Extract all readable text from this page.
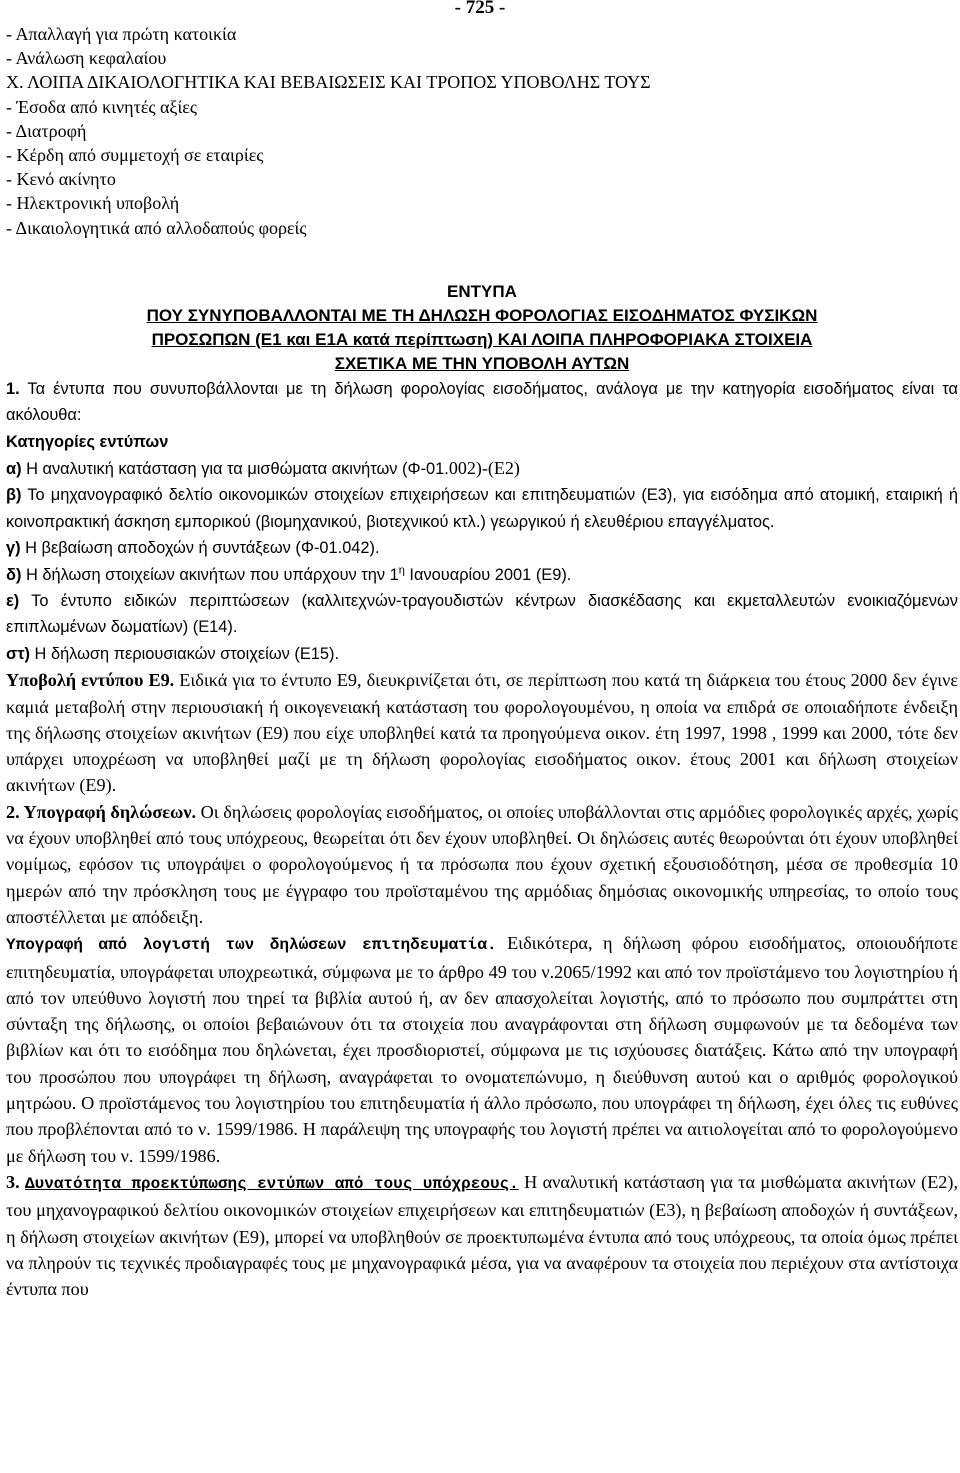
- 725 -
- Απαλλαγή για πρώτη κατοικία
- Ανάλωση κεφαλαίου
Χ. ΛΟΙΠΑ ΔΙΚΑΙΟΛΟΓΗΤΙΚΑ ΚΑΙ ΒΕΒΑΙΩΣΕΙΣ ΚΑΙ ΤΡΟΠΟΣ ΥΠΟΒΟΛΗΣ ΤΟΥΣ
- Έσοδα από κινητές αξίες
- Διατροφή
- Κέρδη από συμμετοχή σε εταιρίες
- Κενό ακίνητο
- Ηλεκτρονική υποβολή
- Δικαιολογητικά από αλλοδαπούς φορείς
ΕΝΤΥΠΑ
ΠΟΥ ΣΥΝΥΠΟΒΑΛΛΟΝΤΑΙ ΜΕ ΤΗ ΔΗΛΩΣΗ ΦΟΡΟΛΟΓΙΑΣ ΕΙΣΟΔΗΜΑΤΟΣ ΦΥΣΙΚΩΝ
ΠΡΟΣΩΠΩΝ (Ε1 και Ε1Α κατά περίπτωση) ΚΑΙ ΛΟΙΠΑ ΠΛΗΡΟΦΟΡΙΑΚΑ ΣΤΟΙΧΕΙΑ
ΣΧΕΤΙΚΑ ΜΕ ΤΗΝ ΥΠΟΒΟΛΗ ΑΥΤΩΝ
1. Τα έντυπα που συνυποβάλλονται με τη δήλωση φορολογίας εισοδήματος, ανάλογα με την κατηγορία εισοδήματος είναι τα ακόλουθα:
Κατηγορίες εντύπων
α) Η αναλυτική κατάσταση για τα μισθώματα ακινήτων (Φ-01.002)-(Ε2)
β) Το μηχανογραφικό δελτίο οικονομικών στοιχείων επιχειρήσεων και επιτηδευματιών (Ε3), για εισόδημα από ατομική, εταιρική ή κοινοπρακτική άσκηση εμπορικού (βιομηχανικού, βιοτεχνικού κτλ.) γεωργικού ή ελευθέριου επαγγέλματος.
γ) Η βεβαίωση αποδοχών ή συντάξεων (Φ-01.042).
δ) Η δήλωση στοιχείων ακινήτων που υπάρχουν την $1^\eta$ Ιανουαρίου 2001 (Ε9).
ε) Το έντυπο ειδικών περιπτώσεων (καλλιτεχνών-τραγουδιστών κέντρων διασκέδασης και εκμεταλλευτών ενοικιαζόμενων επιπλωμένων δωματίων) (Ε14).
στ) Η δήλωση περιουσιακών στοιχείων (Ε15).
Υποβολή εντύπου Ε9. Ειδικά για το έντυπο Ε9, διευκρινίζεται ότι, σε περίπτωση που κατά τη διάρκεια του έτους 2000 δεν έγινε καμιά μεταβολή στην περιουσιακή ή οικογενειακή κατάσταση του φορολογουμένου, η οποία να επιδρά σε οποιαδήποτε ένδειξη της δήλωσης στοιχείων ακινήτων (Ε9) που είχε υποβληθεί κατά τα προηγούμενα οικον. έτη 1997, 1998 , 1999 και 2000, τότε δεν υπάρχει υποχρέωση να υποβληθεί μαζί με τη δήλωση φορολογίας εισοδήματος οικον. έτους 2001 και δήλωση στοιχείων ακινήτων (Ε9).
2. Υπογραφή δηλώσεων. Οι δηλώσεις φορολογίας εισοδήματος, οι οποίες υποβάλλονται στις αρμόδιες φορολογικές αρχές, χωρίς να έχουν υποβληθεί από τους υπόχρεους, θεωρείται ότι δεν έχουν υποβληθεί. Οι δηλώσεις αυτές θεωρούνται ότι έχουν υποβληθεί νομίμως, εφόσον τις υπογράψει ο φορολογούμενος ή τα πρόσωπα που έχουν σχετική εξουσιοδότηση, μέσα σε προθεσμία 10 ημερών από την πρόσκληση τους με έγγραφο του προϊσταμένου της αρμόδιας δημόσιας οικονομικής υπηρεσίας, το οποίο τους αποστέλλεται με απόδειξη.
Υπογραφή από λογιστή των δηλώσεων επιτηδευματία. Ειδικότερα, η δήλωση φόρου εισοδήματος, οποιουδήποτε επιτηδευματία, υπογράφεται υποχρεωτικά, σύμφωνα με το άρθρο 49 του ν.2065/1992 και από τον προϊστάμενο του λογιστηρίου ή από τον υπεύθυνο λογιστή που τηρεί τα βιβλία αυτού ή, αν δεν απασχολείται λογιστής, από το πρόσωπο που συμπράττει στη σύνταξη της δήλωσης, οι οποίοι βεβαιώνουν ότι τα στοιχεία που αναγράφονται στη δήλωση συμφωνούν με τα δεδομένα των βιβλίων και ότι το εισόδημα που δηλώνεται, έχει προσδιοριστεί, σύμφωνα με τις ισχύουσες διατάξεις. Κάτω από την υπογραφή του προσώπου που υπογράφει τη δήλωση, αναγράφεται το ονοματεπώνυμο, η διεύθυνση αυτού και ο αριθμός φορολογικού μητρώου. Ο προϊστάμενος του λογιστηρίου του επιτηδευματία ή άλλο πρόσωπο, που υπογράφει τη δήλωση, έχει όλες τις ευθύνες που προβλέπονται από το ν. 1599/1986. Η παράλειψη της υπογραφής του λογιστή πρέπει να αιτιολογείται από το φορολογούμενο με δήλωση του ν. 1599/1986.
3. Δυνατότητα προεκτύπωσης εντύπων από τους υπόχρεους. Η αναλυτική κατάσταση για τα μισθώματα ακινήτων (Ε2), του μηχανογραφικού δελτίου οικονομικών στοιχείων επιχειρήσεων και επιτηδευματιών (Ε3), η βεβαίωση αποδοχών ή συντάξεων, η δήλωση στοιχείων ακινήτων (Ε9), μπορεί να υποβληθούν σε προεκτυπωμένα έντυπα από τους υπόχρεους, τα οποία όμως πρέπει να πληρούν τις τεχνικές προδιαγραφές τους με μηχανογραφικά μέσα, για να αναφέρουν τα στοιχεία που περιέχουν στα αντίστοιχα έντυπα που
